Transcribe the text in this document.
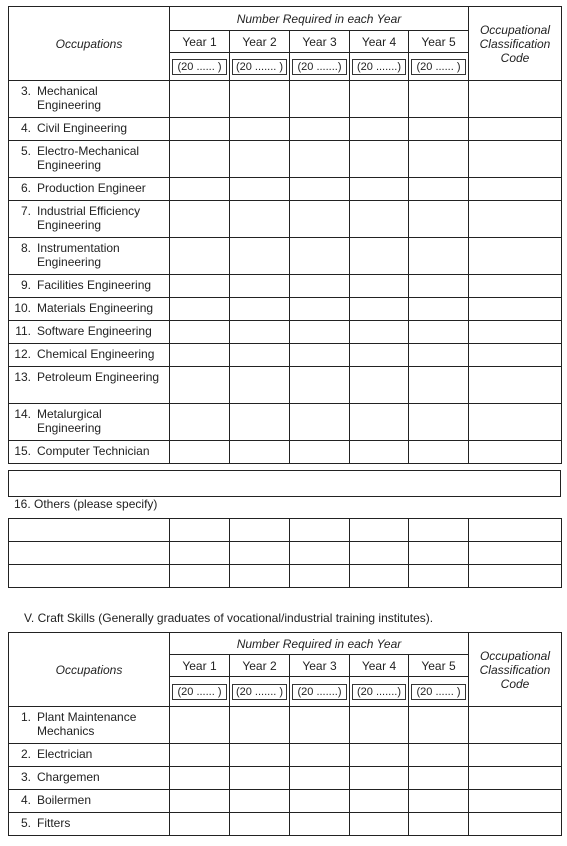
Occupations	Number Required in each Year					Occupational Classification Code
	Year 1	Year 2	Year 3	Year 4	Year 5	

	(20 ...... )	(20 ....... )	(20 .......)	(20 .......)	(20 ...... )	

3. Mechanical Engineering						
4. Civil Engineering						
5. Electro-Mechanical Engineering						
6. Production Engineer						
7. Industrial Efficiency Engineering						
8. Instrumentation Engineering						
9. Facilities Engineering						
10. Materials Engineering						
11. Software Engineering						
12. Chemical Engineering						
13. Petroleum Engineering						
14. Metalurgical Engineering						
15. Computer Technician						
16. Others (please specify)

V. Craft Skills (Generally graduates of vocational/industrial training institutes).
Occupations	Number Required in each Year					Occupational Classification Code
	Year 1	Year 2	Year 3	Year 4	Year 5	

	(20 ...... )	(20 ....... )	(20 .......)	(20 .......)	(20 ...... )	

1. Plant Maintenance Mechanics						
2. Electrician						
3. Chargemen						
4. Boilermen						
5. Fitters						
